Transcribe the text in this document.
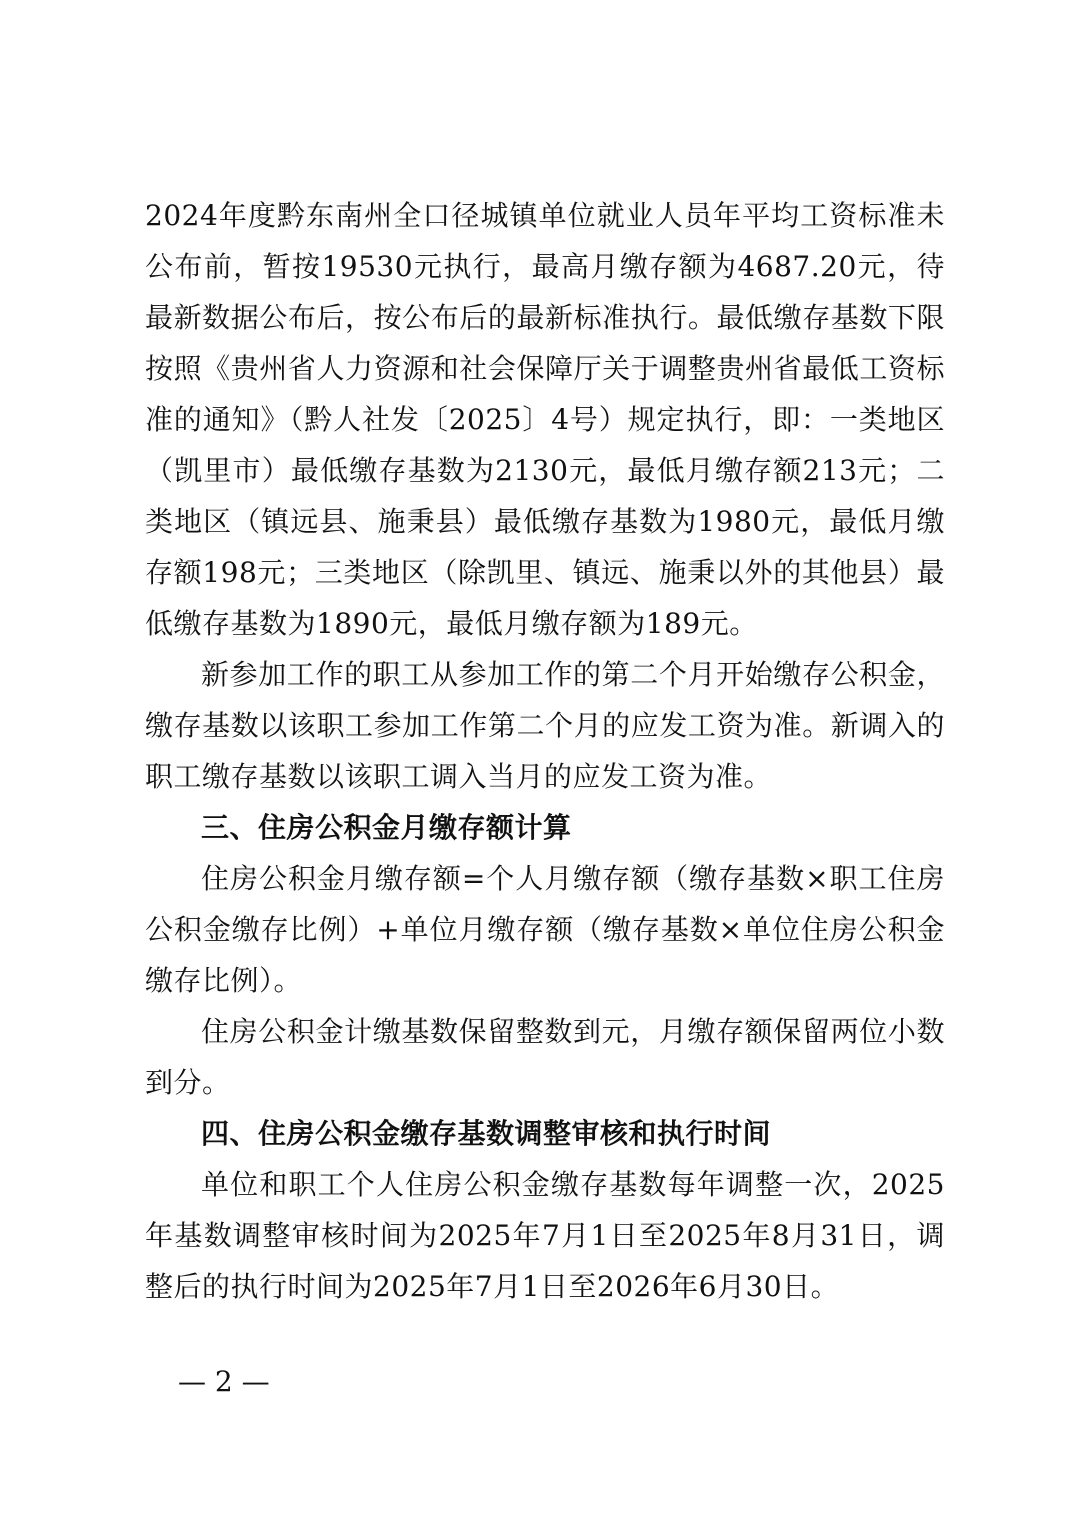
2024年度黔东南州全口径城镇单位就业人员年平均工资标准未公布前，暂按19530元执行，最高月缴存额为4687.20元，待最新数据公布后，按公布后的最新标准执行。最低缴存基数下限按照《贵州省人力资源和社会保障厅关于调整贵州省最低工资标准的通知》（黔人社发〔2025〕4号）规定执行，即：一类地区（凯里市）最低缴存基数为2130元，最低月缴存额213元；二类地区（镇远县、施秉县）最低缴存基数为1980元，最低月缴存额198元；三类地区（除凯里、镇远、施秉以外的其他县）最低缴存基数为1890元，最低月缴存额为189元。

新参加工作的职工从参加工作的第二个月开始缴存公积金，缴存基数以该职工参加工作第二个月的应发工资为准。新调入的职工缴存基数以该职工调入当月的应发工资为准。

三、住房公积金月缴存额计算

住房公积金月缴存额=个人月缴存额（缴存基数×职工住房公积金缴存比例）+单位月缴存额（缴存基数×单位住房公积金缴存比例）。

住房公积金计缴基数保留整数到元，月缴存额保留两位小数到分。

四、住房公积金缴存基数调整审核和执行时间

单位和职工个人住房公积金缴存基数每年调整一次，2025年基数调整审核时间为2025年7月1日至2025年8月31日，调整后的执行时间为2025年7月1日至2026年6月30日。

— 2 —
